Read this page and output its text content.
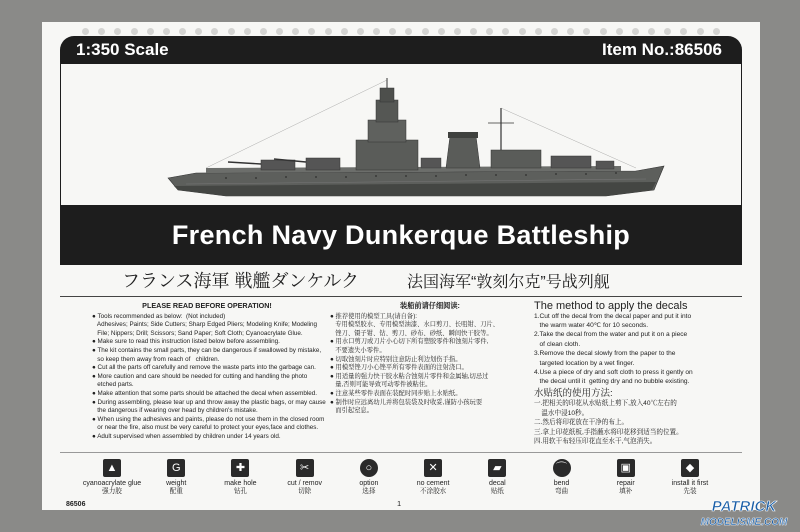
1:350 Scale	Item No.:86506
French Navy Dunkerque Battleship
フランス海軍 戦艦ダンケルク	法国海军“敦刻尔克”号战列舰
PLEASE READ BEFORE OPERATION!
● Tools recommended as below:  (Not included)
Adhesives; Paints; Side Cutters; Sharp Edged Pliers; Modeling Knife; Modeling
File; Nippers; Drill; Scissors; Sand Paper; Soft Cloth; Cyanoacrylate Glue.
● Make sure to read this instruction listed below before assembling.
● The kit contains the small parts, they can be dangerous if swallowed by mistake,
so keep them away from reach of   children.
● Cut all the parts off carefully and remove the waste parts into the garbage can.
● More caution and care should be needed for cutting and handling the photo
etched parts.
● Make attention that some parts should be attached the decal when assembled.
● During assembling, please tear up and throw away the plastic bags, or may cause
the dangerous if wearing over head by children's mistake.
● When using the adhesives and paints, please do not use them in the closed room
or near the fire, also must be very careful to protect your eyes,face and clothes.
● Adult supervised when assembled by children under 14 years old.
装船前请仔细阅读:
● 推荐使用的模型工具(请自备):
专用模型胶水、专用模型油漆、水口剪刀、长咀钳、刀片、
锉刀、镊子钳、钻、剪刀、砂布、砂纸、瞬间快干胶等。
● 用水口剪刀或刀片小心切下所有塑胶零件和蚀刻片零件,
不要遗失小零件。
● 切取蚀刻片时应特别注意防止利边划伤手指。
● 用模型锉刀小心锉平所有零件表面的注射浇口。
● 用适量的强力快干胶水粘合蚀刻片零件和金属轴,切忌过
量,否则可能导致可动零件被粘住。
● 注意某些零件表面在装配时同步贴上水贴纸。
● 制作时应远离幼儿并将包装袋及时收妥,谨防小孩玩耍
而引起窒息。
The method to apply the decals
1.Cut off the decal from the decal paper and put it into
the warm water 40℃ for 10 seconds.
2.Take the decal from the water and put it on a piece
of clean cloth.
3.Remove the decal slowly from the paper to the
targeted location by a wet finger.
4.Use a piece of dry and soft cloth to press it gently on
the decal until it  getting dry and no bubble existing.
水贴纸的使用方法:
一.把相关的印花从水贴纸上剪下,放入40℃左右的
温水中浸10秒。
二.然后将印花放在干净的布上。
三.拿上印花纸板,手指蘸水将印花移到适当的位置。
四.用软干布轻压印花直至水干,气泡消失。
▲
cyanoacrylate glue
强力胶
G
weight
配重
✚
make hole
钻孔
✂
cut / remov
切除
○
option
选择
✕
no cement
不涂胶水
▰
decal
贴纸
⌒
bend
弯曲
▣
repair
填补
◆
install it first
先装
86506	1	PATRICK
MODELISME.COM
